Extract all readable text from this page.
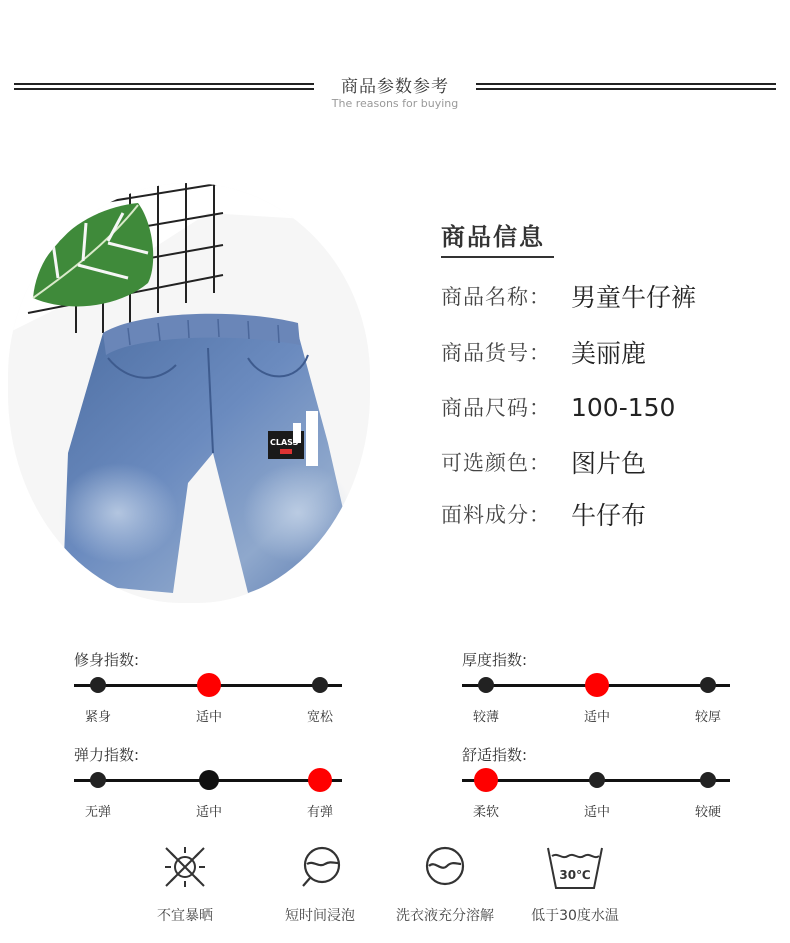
商品参数参考
The reasons for buying
CLASS
商品信息
商品名称： 男童牛仔裤
商品货号： 美丽鹿
商品尺码： 100-150
可选颜色： 图片色
面料成分： 牛仔布
修身指数:
紧身	适中	宽松
厚度指数:
较薄	适中	较厚
弹力指数:
无弹	适中	有弹
舒适指数:
柔软	适中	较硬
不宜暴晒	短时间浸泡	洗衣液充分溶解
30℃
低于30度水温
